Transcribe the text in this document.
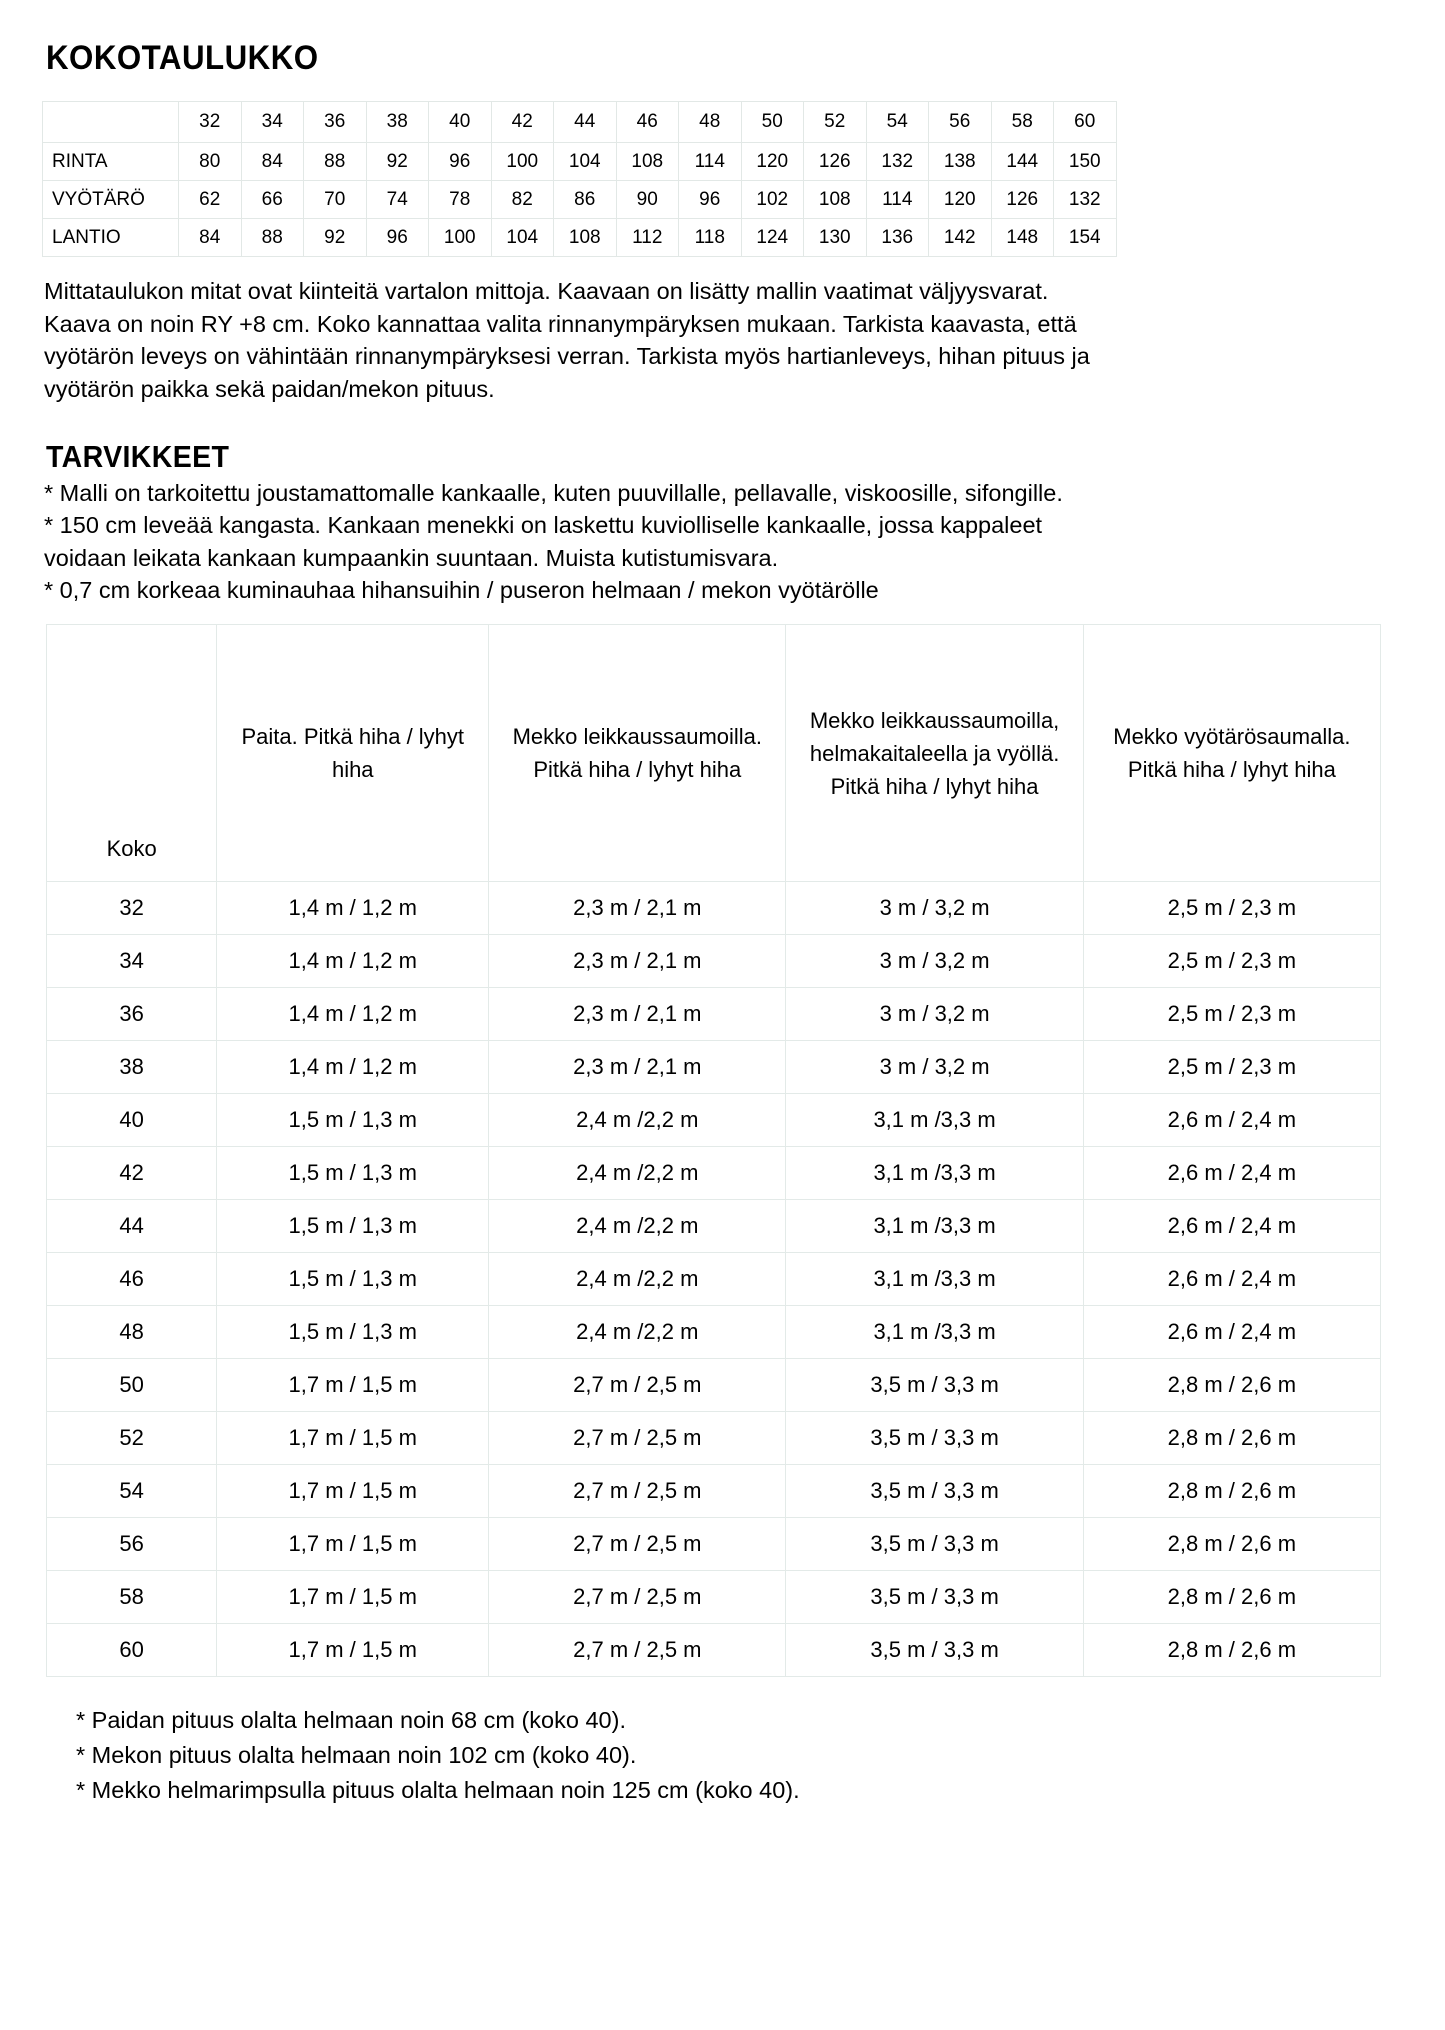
KOKOTAULUKKO
	32	34	36	38	40	42	44	46	48	50	52	54	56	58	60
RINTA	80	84	88	92	96	100	104	108	114	120	126	132	138	144	150
VYÖTÄRÖ	62	66	70	74	78	82	86	90	96	102	108	114	120	126	132
LANTIO	84	88	92	96	100	104	108	112	118	124	130	136	142	148	154

Mittataulukon mitat ovat kiinteitä vartalon mittoja. Kaavaan on lisätty mallin vaatimat väljyysvarat. Kaava on noin RY +8 cm. Koko kannattaa valita rinnanympäryksen mukaan. Tarkista kaavasta, että vyötärön leveys on vähintään rinnanympäryksesi verran. Tarkista myös hartianleveys, hihan pituus ja vyötärön paikka sekä paidan/mekon pituus.

TARVIKKEET

* Malli on tarkoitettu joustamattomalle kankaalle, kuten puuvillalle, pellavalle, viskoosille, sifongille.

* 150 cm leveää kangasta. Kankaan menekki on laskettu kuviolliselle kankaalle, jossa kappaleet voidaan leikata kankaan kumpaankin suuntaan. Muista kutistumisvara.

* 0,7 cm korkeaa kuminauhaa hihansuihin / puseron helmaan / mekon vyötärölle

Koko	Paita. Pitkä hiha / lyhyt hiha	Mekko leikkaussaumoilla. Pitkä hiha / lyhyt hiha	Mekko leikkaussaumoilla, helmakaitaleella ja vyöllä. Pitkä hiha / lyhyt hiha	Mekko vyötärösaumalla. Pitkä hiha / lyhyt hiha
32	1,4 m / 1,2 m	2,3 m / 2,1 m	3 m / 3,2 m	2,5 m / 2,3 m
34	1,4 m / 1,2 m	2,3 m / 2,1 m	3 m / 3,2 m	2,5 m / 2,3 m
36	1,4 m / 1,2 m	2,3 m / 2,1 m	3 m / 3,2 m	2,5 m / 2,3 m
38	1,4 m / 1,2 m	2,3 m / 2,1 m	3 m / 3,2 m	2,5 m / 2,3 m
40	1,5 m / 1,3 m	2,4 m /2,2 m	3,1 m /3,3 m	2,6 m / 2,4 m
42	1,5 m / 1,3 m	2,4 m /2,2 m	3,1 m /3,3 m	2,6 m / 2,4 m
44	1,5 m / 1,3 m	2,4 m /2,2 m	3,1 m /3,3 m	2,6 m / 2,4 m
46	1,5 m / 1,3 m	2,4 m /2,2 m	3,1 m /3,3 m	2,6 m / 2,4 m
48	1,5 m / 1,3 m	2,4 m /2,2 m	3,1 m /3,3 m	2,6 m / 2,4 m
50	1,7 m / 1,5 m	2,7 m / 2,5 m	3,5 m / 3,3 m	2,8 m / 2,6 m
52	1,7 m / 1,5 m	2,7 m / 2,5 m	3,5 m / 3,3 m	2,8 m / 2,6 m
54	1,7 m / 1,5 m	2,7 m / 2,5 m	3,5 m / 3,3 m	2,8 m / 2,6 m
56	1,7 m / 1,5 m	2,7 m / 2,5 m	3,5 m / 3,3 m	2,8 m / 2,6 m
58	1,7 m / 1,5 m	2,7 m / 2,5 m	3,5 m / 3,3 m	2,8 m / 2,6 m
60	1,7 m / 1,5 m	2,7 m / 2,5 m	3,5 m / 3,3 m	2,8 m / 2,6 m

* Paidan pituus olalta helmaan noin 68 cm (koko 40).

* Mekon pituus olalta helmaan noin 102 cm (koko 40).

* Mekko helmarimpsulla pituus olalta helmaan noin 125 cm (koko 40).
